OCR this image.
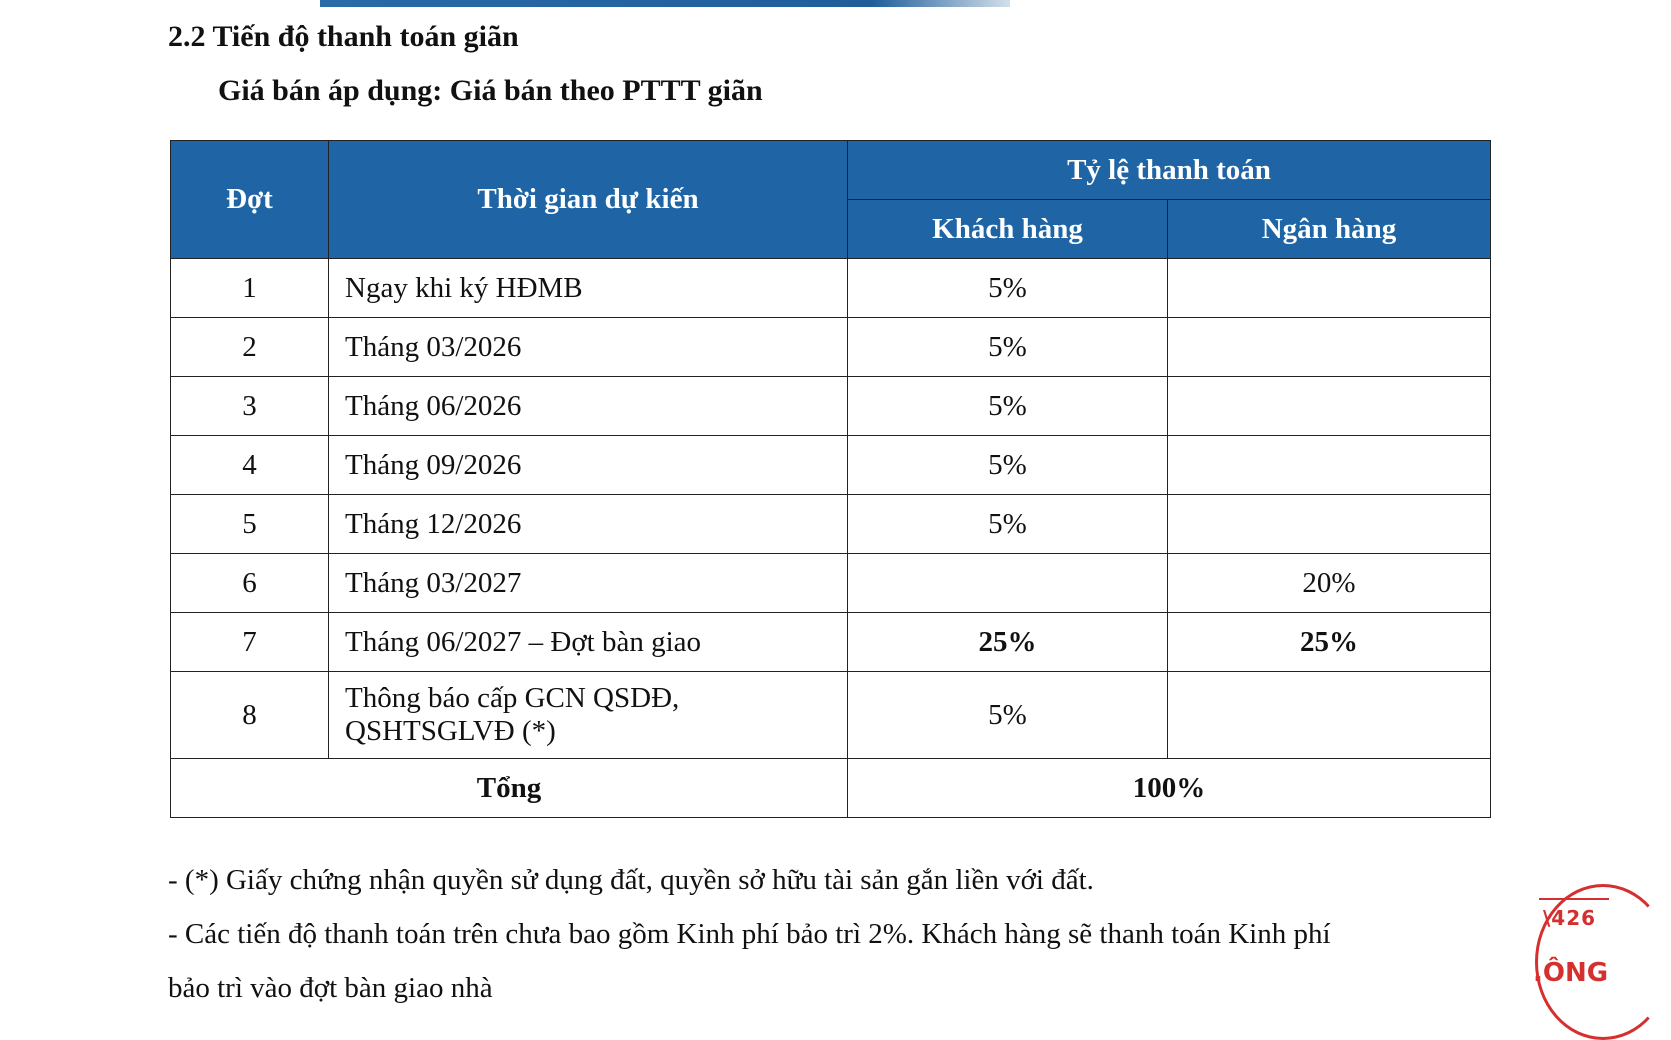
2.2 Tiến độ thanh toán giãn
Giá bán áp dụng: Giá bán theo PTTT giãn
Đợt	Thời gian dự kiến	Tỷ lệ thanh toán	
		Khách hàng	Ngân hàng
1	Ngay khi ký HĐMB	5%	
2	Tháng 03/2026	5%	
3	Tháng 06/2026	5%	
4	Tháng 09/2026	5%	
5	Tháng 12/2026	5%	
6	Tháng 03/2027		20%
7	Tháng 06/2027 – Đợt bàn giao	25%	25%
8	Thông báo cấp GCN QSDĐ,
QSHTSGLVĐ (*)	5%	
Tổng		100%	
- (*) Giấy chứng nhận quyền sử dụng đất, quyền sở hữu tài sản gắn liền với đất.
- Các tiến độ thanh toán trên chưa bao gồm Kinh phí bảo trì 2%. Khách hàng sẽ thanh toán Kinh phí
bảo trì vào đợt bàn giao nhà
\426
.ÔNG
